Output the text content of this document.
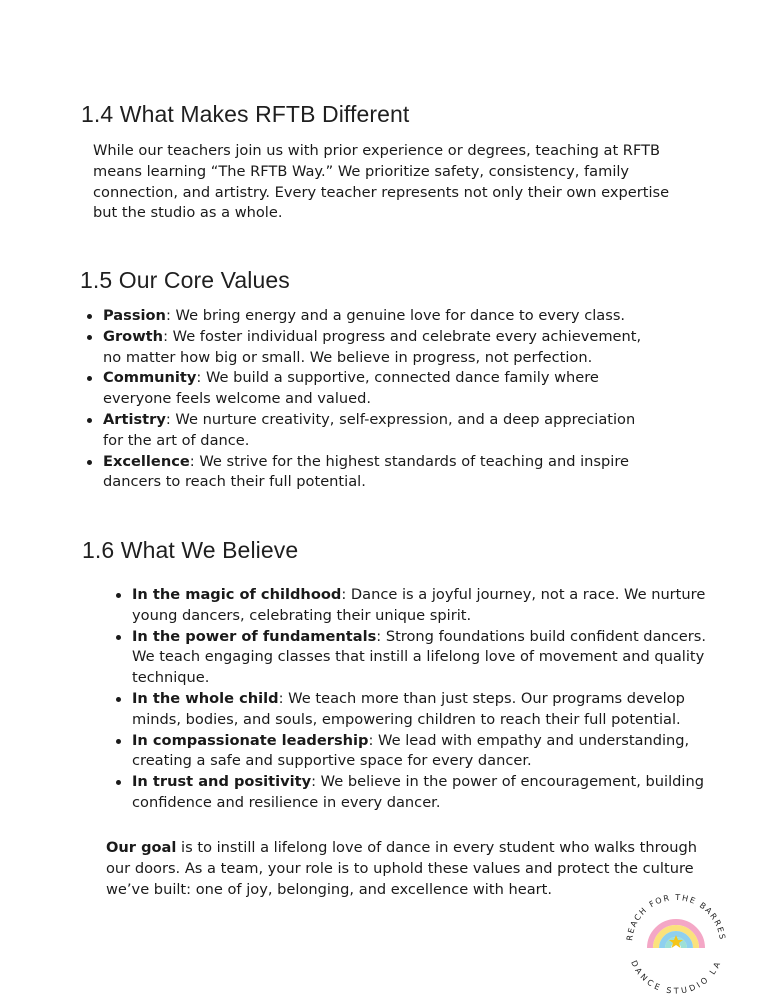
1.4 What Makes RFTB Different

While our teachers join us with prior experience or degrees, teaching at RFTB means learning “The RFTB Way.” We prioritize safety, consistency, family connection, and artistry. Every teacher represents not only their own expertise but the studio as a whole.

1.5 Our Core Values
Passion: We bring energy and a genuine love for dance to every class.
Growth: We foster individual progress and celebrate every achievement, no matter how big or small. We believe in progress, not perfection.
Community: We build a supportive, connected dance family where everyone feels welcome and valued.
Artistry: We nurture creativity, self-expression, and a deep appreciation for the art of dance.
Excellence: We strive for the highest standards of teaching and inspire dancers to reach their full potential.
1.6 What We Believe
In the magic of childhood: Dance is a joyful journey, not a race. We nurture young dancers, celebrating their unique spirit.
In the power of fundamentals: Strong foundations build confident dancers. We teach engaging classes that instill a lifelong love of movement and quality technique.
In the whole child: We teach more than just steps. Our programs develop minds, bodies, and souls, empowering children to reach their full potential.
In compassionate leadership: We lead with empathy and understanding, creating a safe and supportive space for every dancer.
In trust and positivity: We believe in the power of encouragement, building confidence and resilience in every dancer.

Our goal is to instill a lifelong love of dance in every student who walks through our doors. As a team, your role is to uphold these values and protect the culture we’ve built: one of joy, belonging, and excellence with heart.

REACH FOR THE BARRES
DANCE STUDIO LA
